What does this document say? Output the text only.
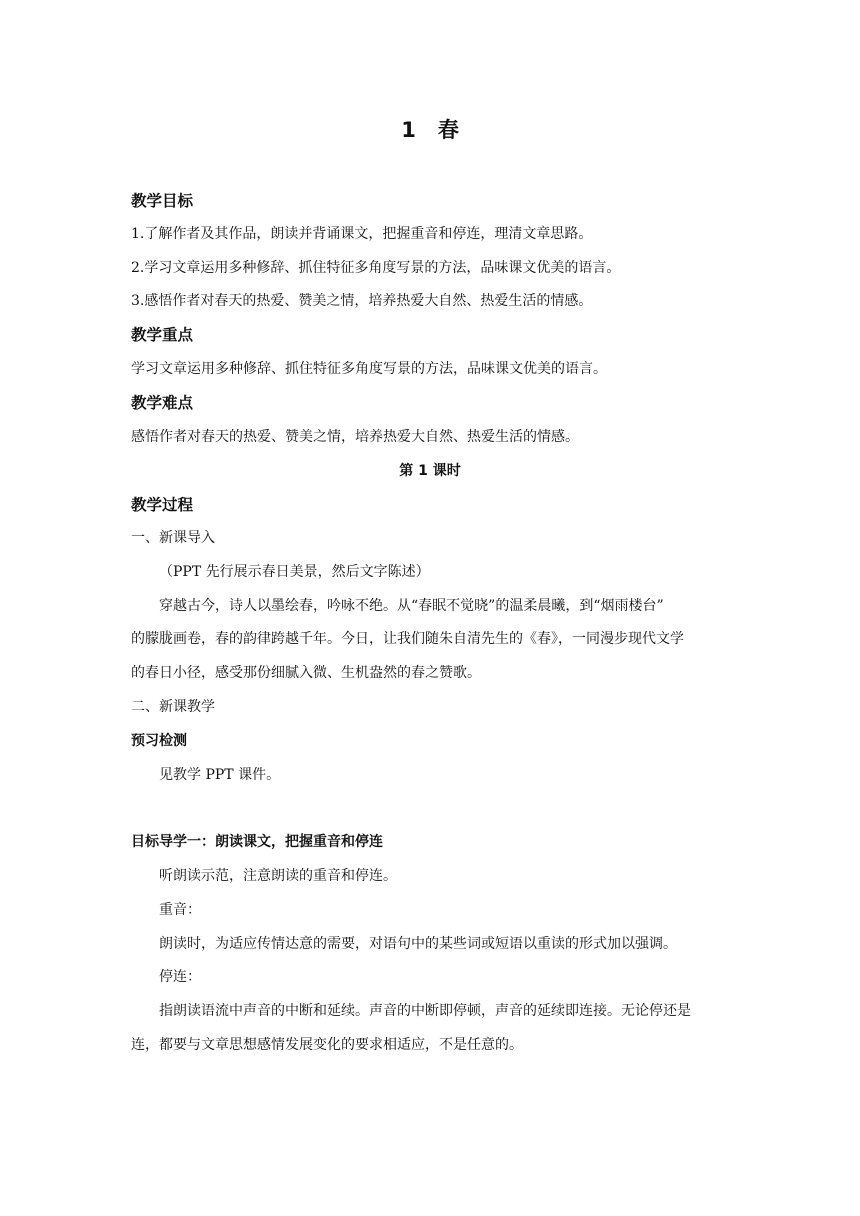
1 春
教学目标
1.了解作者及其作品，朗读并背诵课文，把握重音和停连，理清文章思路。
2.学习文章运用多种修辞、抓住特征多角度写景的方法，品味课文优美的语言。
3.感悟作者对春天的热爱、赞美之情，培养热爱大自然、热爱生活的情感。
教学重点
学习文章运用多种修辞、抓住特征多角度写景的方法，品味课文优美的语言。
教学难点
感悟作者对春天的热爱、赞美之情，培养热爱大自然、热爱生活的情感。
第 1 课时
教学过程
一、新课导入
（PPT 先行展示春日美景，然后文字陈述）
穿越古今，诗人以墨绘春，吟咏不绝。从“春眠不觉晓”的温柔晨曦，到“烟雨楼台”
的朦胧画卷，春的韵律跨越千年。今日，让我们随朱自清先生的《春》，一同漫步现代文学
的春日小径，感受那份细腻入微、生机盎然的春之赞歌。
二、新课教学
预习检测
见教学 PPT 课件。
目标导学一：朗读课文，把握重音和停连
听朗读示范，注意朗读的重音和停连。
重音：
朗读时，为适应传情达意的需要，对语句中的某些词或短语以重读的形式加以强调。
停连：
指朗读语流中声音的中断和延续。声音的中断即停顿，声音的延续即连接。无论停还是
连，都要与文章思想感情发展变化的要求相适应，不是任意的。
